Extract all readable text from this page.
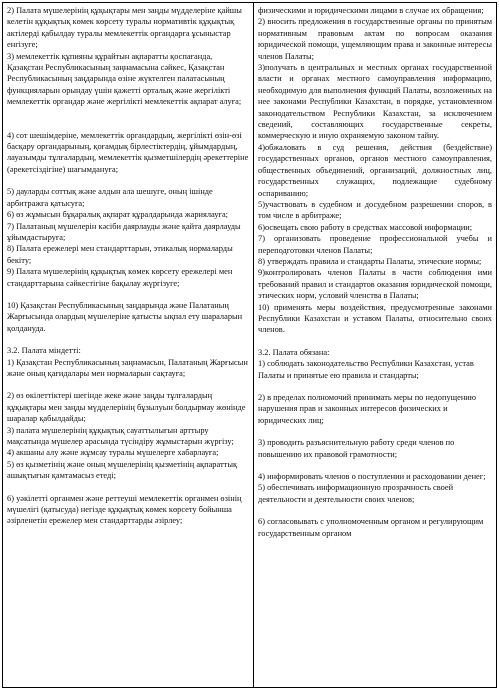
2) Палата мүшелерінің құқықтары мен заңды мүдделеріне қайшы келетін құқықтық көмек көрсету туралы нормативтік құқықтық актілерді қабылдау туралы мемлекеттік органдарға ұсыныстар енгізуге;

3) мемлекеттік құпияны құрайтын ақпаратты қоспағанда, Қазақстан Республикасының заңнамасына сәйкес, Қазақстан Республикасының заңдарында өзіне жүктелген палатасының функцияларын орындау үшін қажетті орталық және жергілікті мемлекеттік органдар және жергілікті мемлекеттік ақпарат алуға;

4) сот шешімдеріне, мемлекеттік органдардың, жергілікті өзін-өзі басқару органдарының, қоғамдық бірлестіктердің, ұйымдардың, лауазымды тұлғалардың, мемлекеттік қызметшілердің әрекеттеріне (әрекетсіздігіне) шағымдануға;

5) дауларды соттық және алдын ала шешуге, оның ішінде арбитражға қатысуға;
6) өз жұмысын бұқаралық ақпарат құралдарында жариялауға;
7) Палатаның мүшелерін кәсіби даярлауды және қайта даярлауды ұйымдастыруға;
8) Палата ережелері мен стандарттарын, этикалық нормаларды бекіту;
9) Палата мүшелерінің құқықтық көмек көрсету ережелері мен стандарттарына сәйкестігіне бақылау жүргізуге;

10) Қазақстан Республикасының заңдарында және Палатаның Жарғысында олардың мүшелеріне қатысты ықпал ету шараларын қолдануда.

3.2. Палата міндетті:
1) Қазақстан Республикасының заңнамасын, Палатаның Жарғысын және оның қағидалары мен нормаларын сақтауға;

2) өз өкілеттіктері шегінде жеке және заңды тұлғалардың құқықтары мен заңды мүдделерінің бұзылуын болдырмау жөнінде шаралар қабылдайды;
3) палата мүшелерінің құқықтық сауаттылығын арттыру мақсатында мүшелер арасында түсіндіру жұмыстарын жүргізу;
4) акшаны алу және жұмсау туралы мүшелерге хабарлауға;
5) өз қызметінің және оның мүшелерінің қызметінің ақпараттық ашықтығын қамтамасыз етеді;

6) уәкілетті органмен және реттеуші мемлекеттік органмен өзінің мүшелігі (қатысуда) негізде құқықтық көмек көрсету бойынша әзірленетін ережелер мен стандарттарды әзірлеу;

физическими и юридическими лицами в случае их обращения;
2) вносить предложения в государственные органы по принятым нормативным правовым актам по вопросам оказания юридической помощи, ущемляющим права и законные интересы членов Палаты;
3)получать в центральных и местных органах государственной власти и органах местного самоуправления информацию, необходимую для выполнения функций Палаты, возложенных на нее законами Республики Казахстан, в порядке, установленном законодательством Республики Казахстан, за исключением сведений, составляющих государственные секреты, коммерческую и иную охраняемую законом тайну.
4)обжаловать в суд решения, действия (бездействие) государственных органов, органов местного самоуправления, общественных объединений, организаций, должностных лиц, государственных служащих, подлежащие судебному оспариванию;
5)участвовать в судебном и досудебном разрешении споров, в том числе в арбитраже;
6)освещать свою работу в средствах массовой информации;
7) организовать проведение профессиональной учебы и переподготовки членов Палаты;
8) утверждать правила и стандарты Палаты, этические нормы;
9)контролировать членов Палаты в части соблюдения ими требований правил и стандартов оказания юридической помощи, этических норм, условий членства в Палаты;
10) применять меры воздействия, предусмотренные законами Республики Казахстан и уставом Палаты, относительно своих членов.

3.2. Палата обязана:
1) соблюдать законодательство Республики Казахстан, устав Палаты и принятые ею правила и стандарты;

2) в пределах полномочий принимать меры по недопущению нарушения прав и законных интересов физических и юридических лиц;

3) проводить разъяснительную работу среди членов по повышению их правовой грамотности;

4) информировать членов о поступлении и расходовании денег;
5) обеспечивать информационную прозрачность своей деятельности и деятельности своих членов;

6) согласовывать с уполномоченным органом и регулирующим государственным органом
